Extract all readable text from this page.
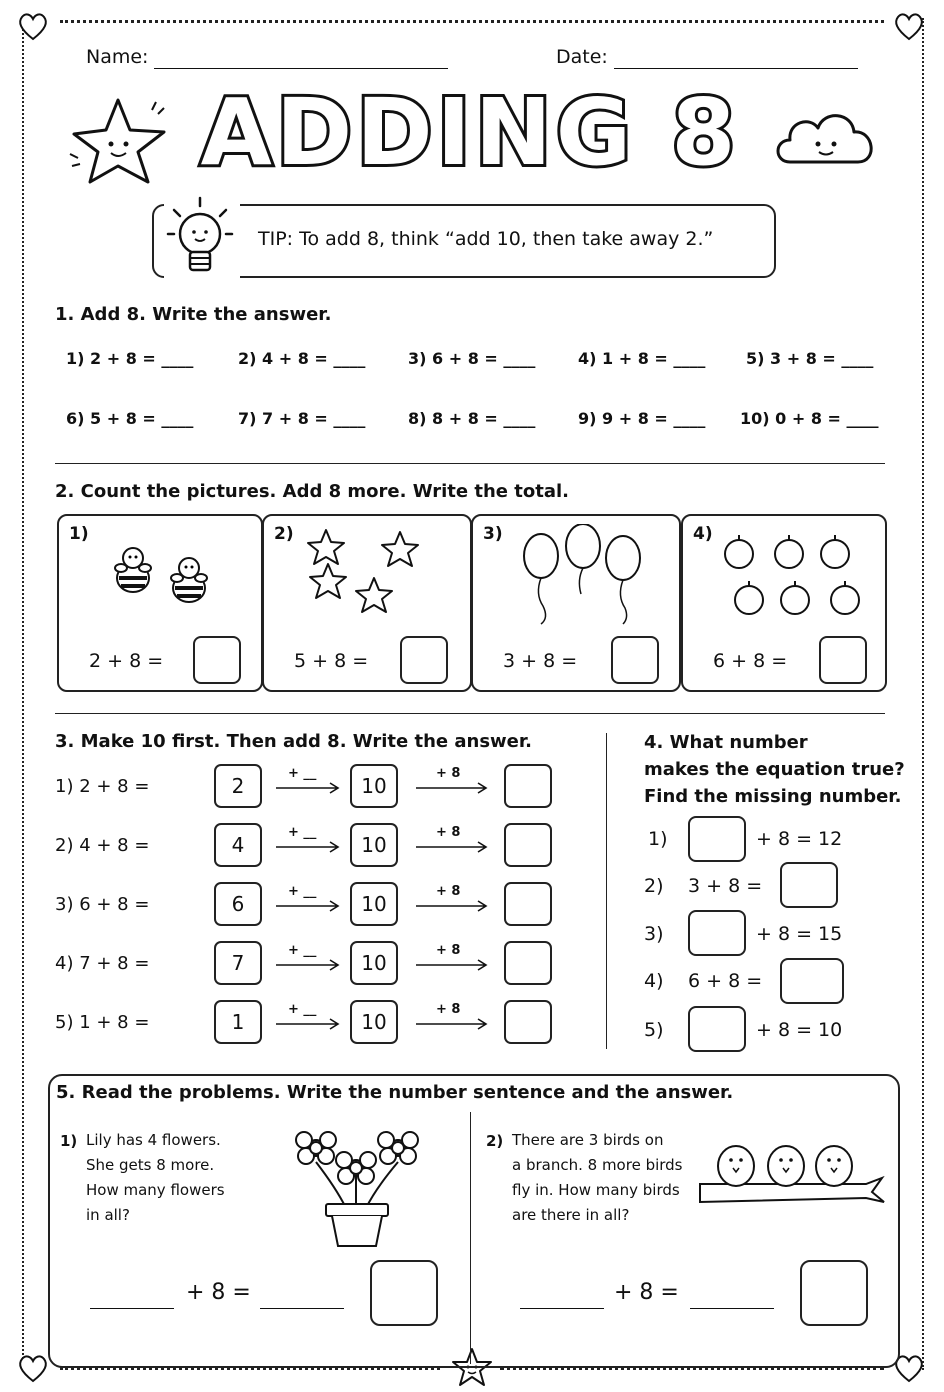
Name:	Date:
ADDING 8
TIP: To add 8, think “add 10, then take away 2.”
1. Add 8. Write the answer.
1) 2 + 8 = ____	2) 4 + 8 = ____	3) 6 + 8 = ____	4) 1 + 8 = ____	5) 3 + 8 = ____
6) 5 + 8 = ____	7) 7 + 8 = ____	8) 8 + 8 = ____	9) 9 + 8 = ____ 10) 0 + 8 = ____
2. Count the pictures. Add 8 more. Write the total.
1)
2 + 8 =
2)
5 + 8 =
3)
3 + 8 =
4)
6 + 8 =
3. Make 10 first. Then add 8. Write the answer.
1) 2 + 8 =	2
+ __
10
+ 8
2) 4 + 8 =	4
+ __
10
+ 8
3) 6 + 8 =	6
+ __
10
+ 8
4) 7 + 8 =	7
+ __
10
+ 8
5) 1 + 8 =	1
+ __
10
+ 8
4. What number
makes the equation true?
Find the missing number.
1)	+ 8 = 12
2) 3 + 8 =
3)	+ 8 = 15
4) 6 + 8 =
5)	+ 8 = 10
5. Read the problems. Write the number sentence and the answer.
1) Lily has 4 flowers.
She gets 8 more.
How many flowers
in all?
+ 8 =
2) There are 3 birds on
a branch. 8 more birds
fly in. How many birds
are there in all?
+ 8 =
